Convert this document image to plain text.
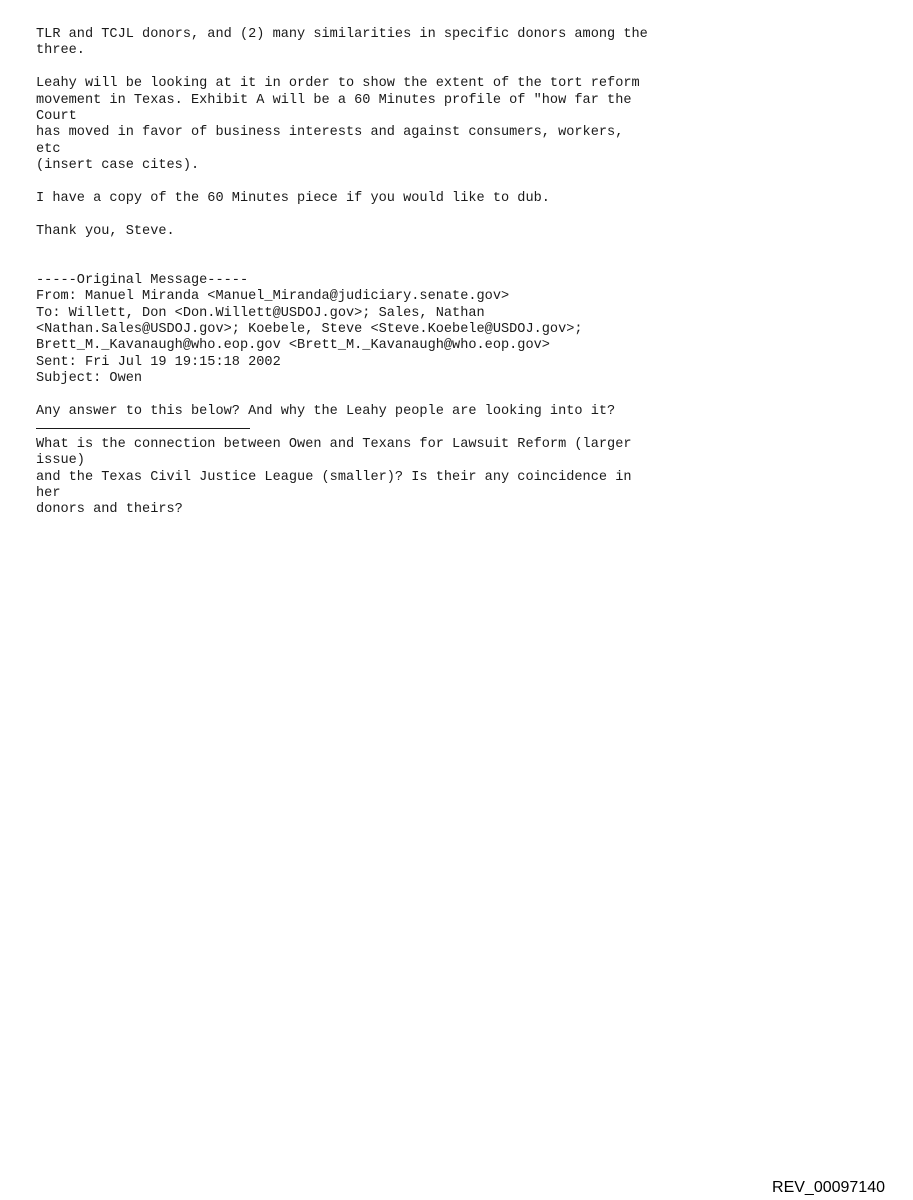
TLR and TCJL donors, and (2) many similarities in specific donors among the
three.
Leahy will be looking at it in order to show the extent of the tort reform
movement in Texas. Exhibit A will be a 60 Minutes profile of "how far the
Court
has moved in favor of business interests and against consumers, workers,
etc
(insert case cites).
I have a copy of the 60 Minutes piece if you would like to dub.
Thank you, Steve.
-----Original Message-----
From: Manuel Miranda <Manuel_Miranda@judiciary.senate.gov>
To: Willett, Don <Don.Willett@USDOJ.gov>; Sales, Nathan
<Nathan.Sales@USDOJ.gov>; Koebele, Steve <Steve.Koebele@USDOJ.gov>;
Brett_M._Kavanaugh@who.eop.gov <Brett_M._Kavanaugh@who.eop.gov>
Sent: Fri Jul 19 19:15:18 2002
Subject: Owen
Any answer to this below? And why the Leahy people are looking into it?
What is the connection between Owen and Texans for Lawsuit Reform (larger
issue)
and the Texas Civil Justice League (smaller)? Is their any coincidence in
her
donors and theirs?
REV_00097140
